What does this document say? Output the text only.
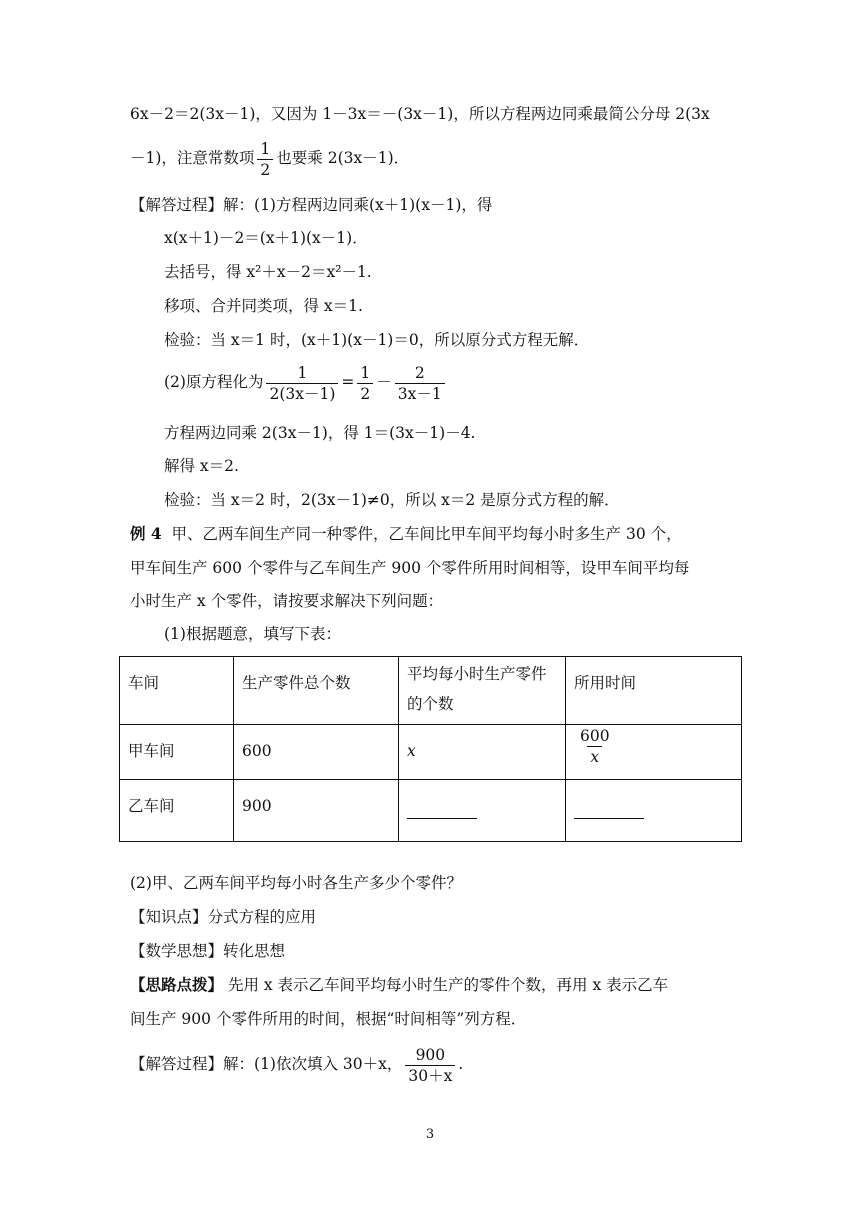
6x－2＝2(3x－1)，又因为 1－3x＝－(3x－1)，所以方程两边同乘最简公分母 2(3x
－1)，注意常数项 $\frac{1}{2}$ 也要乘 2(3x－1)．
【解答过程】解：(1)方程两边同乘(x＋1)(x－1)，得
x(x＋1)－2＝(x＋1)(x－1)．
去括号，得 x²＋x－2＝x²－1.
移项、合并同类项，得 x＝1.
检验：当 x＝1 时，(x＋1)(x－1)＝0，所以原分式方程无解．
(2)原方程化为 $\frac{1}{2(3x-1)} = \frac{1}{2} - \frac{2}{3x-1}$
方程两边同乘 2(3x－1)，得 1＝(3x－1)－4.
解得 x＝2.
检验：当 x＝2 时，2(3x－1)≠0，所以 x＝2 是原分式方程的解．
例 4 甲、乙两车间生产同一种零件，乙车间比甲车间平均每小时多生产 30 个，
甲车间生产 600 个零件与乙车间生产 900 个零件所用时间相等，设甲车间平均每
小时生产 x 个零件，请按要求解决下列问题：
(1)根据题意，填写下表：
车间	生产零件总个数	平均每小时生产零件的个数	所用时间

甲车间	600	x	$\frac{600}{x}$

乙车间	900		

(2)甲、乙两车间平均每小时各生产多少个零件？
【知识点】分式方程的应用
【数学思想】转化思想
【思路点拨】 先用 x 表示乙车间平均每小时生产的零件个数，再用 x 表示乙车
间生产 900 个零件所用的时间，根据“时间相等”列方程．
【解答过程】解：(1)依次填入 30＋x， $\frac{900}{30+x}$ .
3
